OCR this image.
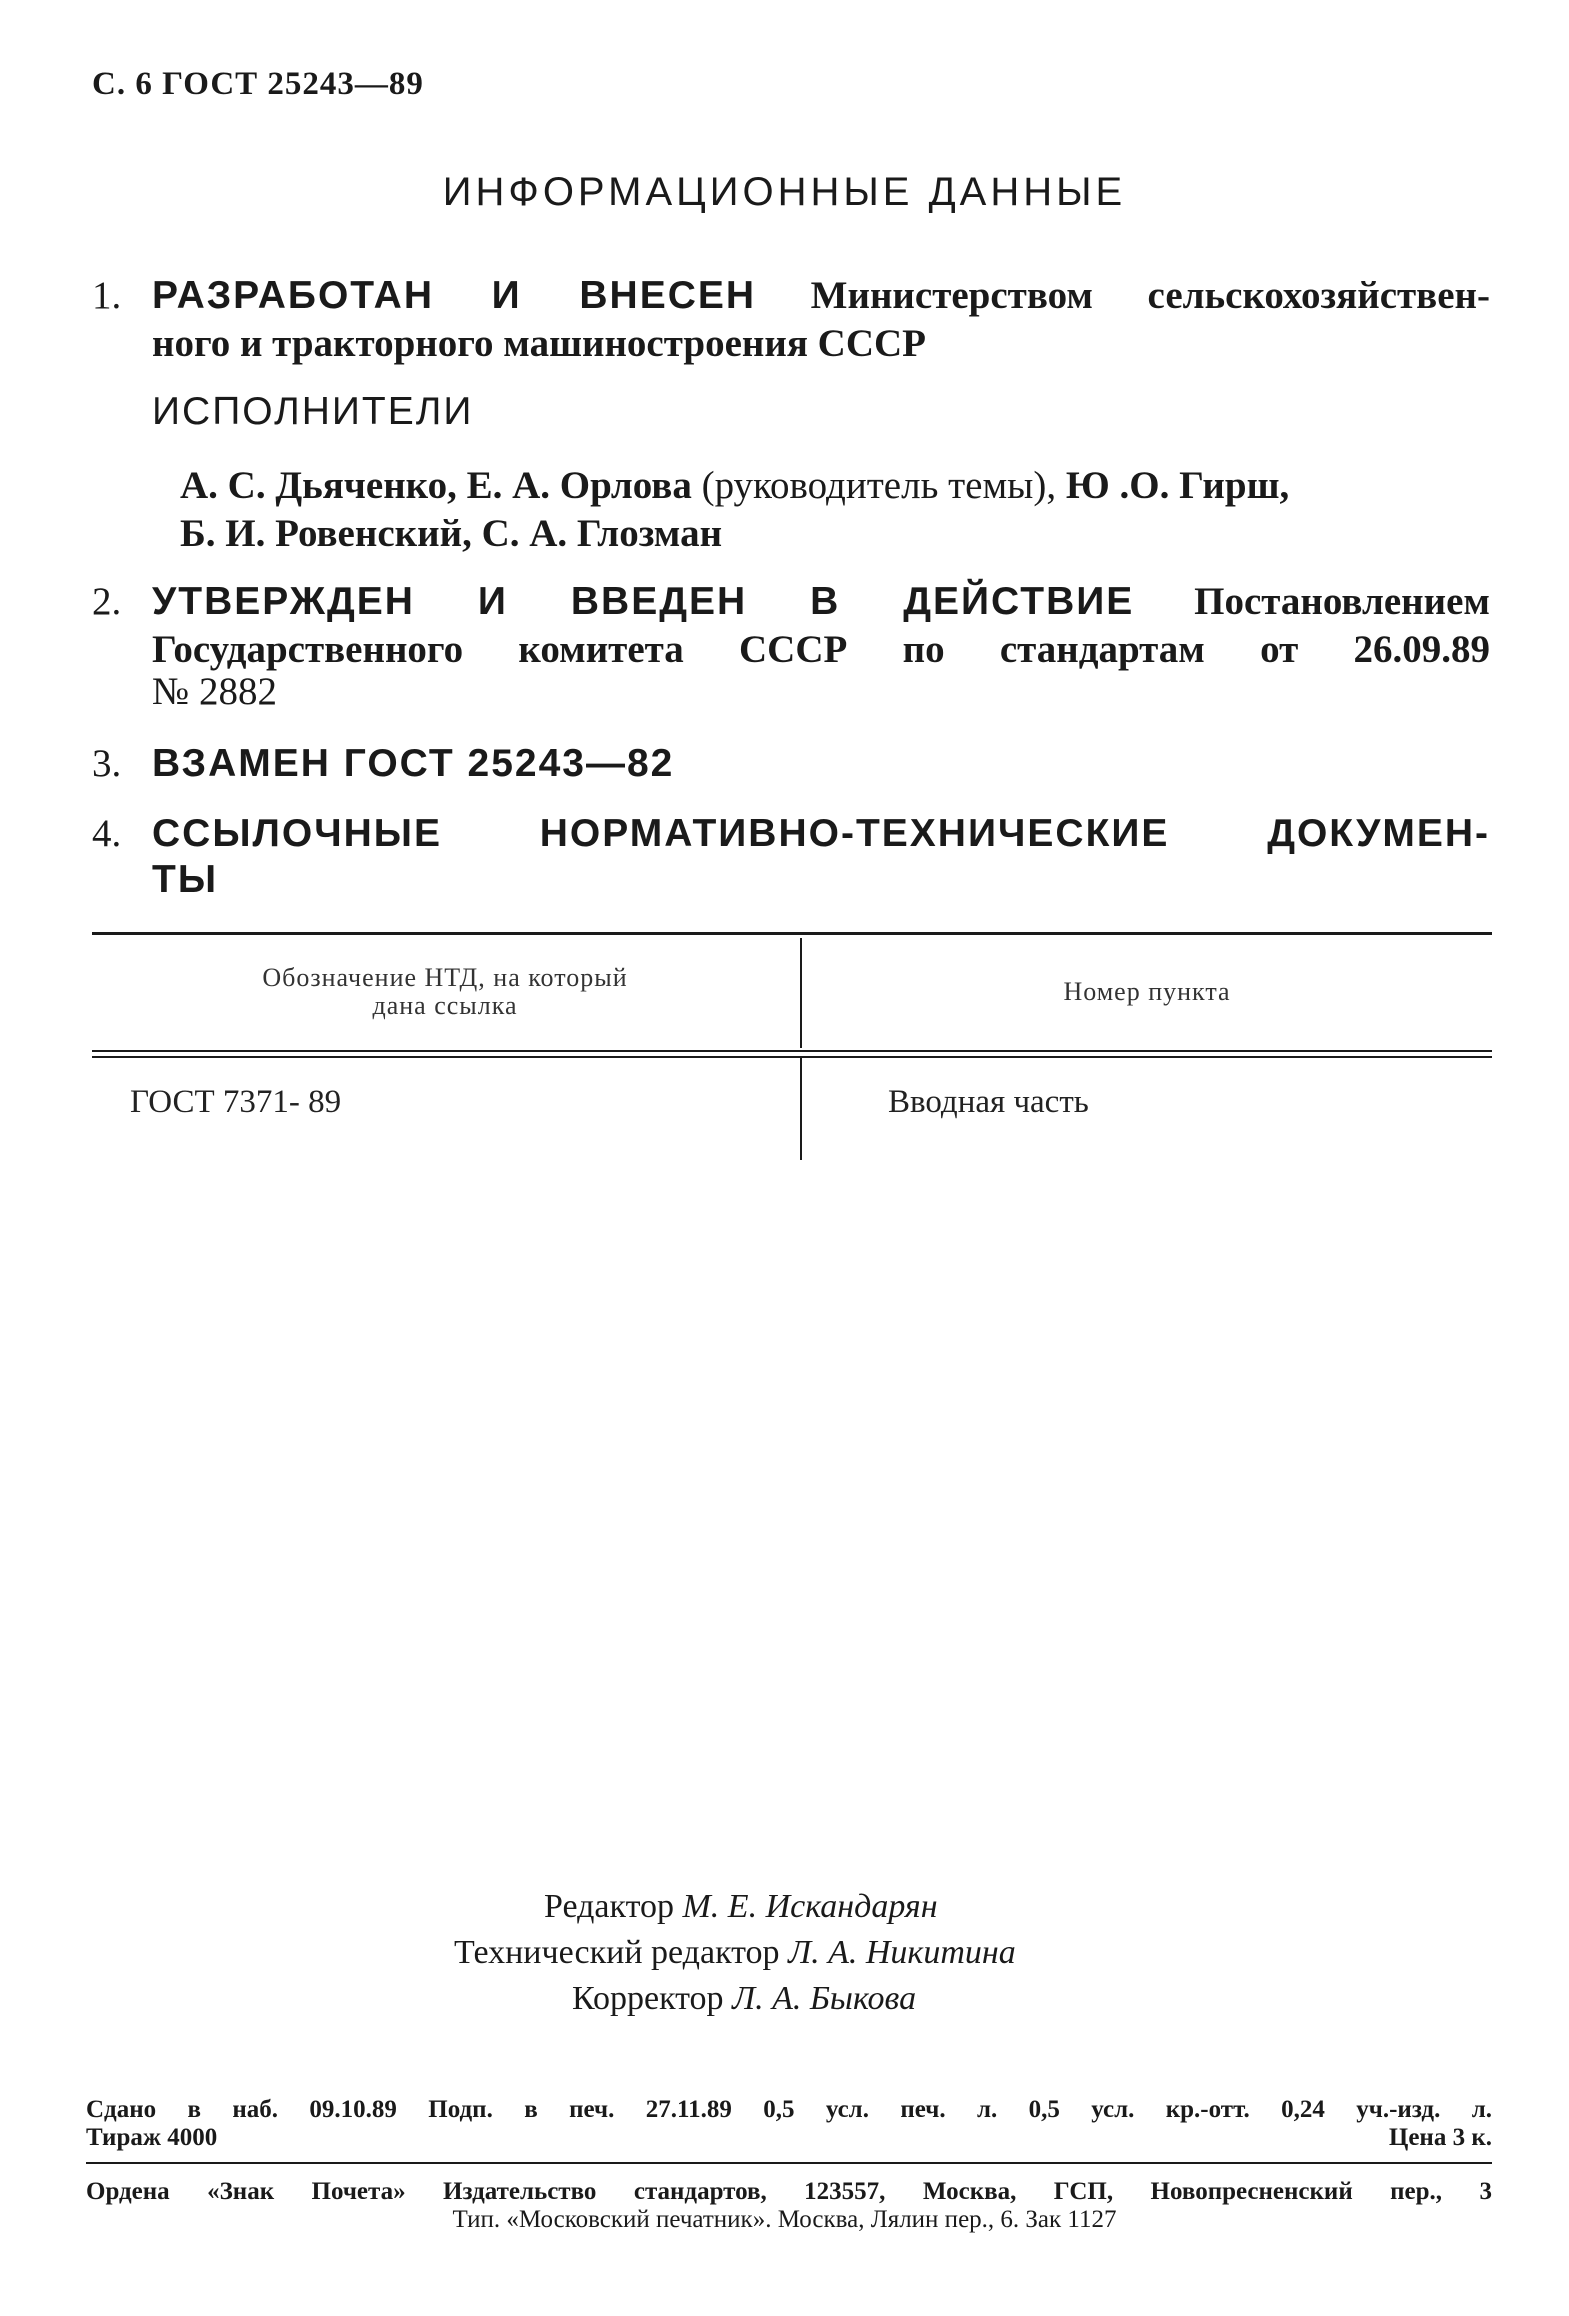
С. 6 ГОСТ 25243—89
ИНФОРМАЦИОННЫЕ ДАННЫЕ
1. РАЗРАБОТАН И ВНЕСЕН Министерством сельскохозяйствен-
ного и тракторного машиностроения СССР
ИСПОЛНИТЕЛИ
А. С. Дьяченко, Е. А. Орлова (руководитель темы), Ю .О. Гирш,
Б. И. Ровенский, С. А. Глозман
2. УТВЕРЖДЕН И ВВЕДЕН В ДЕЙСТВИЕ Постановлением
Государственного комитета СССР по стандартам от 26.09.89
№ 2882
3. ВЗАМЕН ГОСТ 25243—82
4. ССЫЛОЧНЫЕ НОРМАТИВНО-ТЕХНИЧЕСКИЕ ДОКУМЕН-
ТЫ
Обозначение НТД, на который
дана ссылка	Номер пункта
ГОСТ 7371- 89	Вводная часть
Редактор М. Е. Искандарян
Технический редактор Л. А. Никитина
Корректор Л. А. Быкова
Сдано в наб. 09.10.89 Подп. в печ. 27.11.89 0,5 усл. печ. л. 0,5 усл. кр.-отт. 0,24 уч.-изд. л.
Тираж 4000	Цена 3 к.
Ордена «Знак Почета» Издательство стандартов, 123557, Москва, ГСП, Новопресненский пер., 3
Тип. «Московский печатник». Москва, Лялин пер., 6. Зак 1127
